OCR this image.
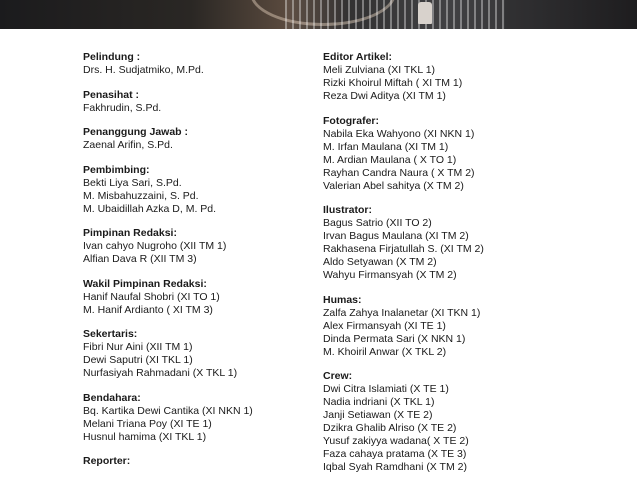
Pelindung :
Drs. H. Sudjatmiko, M.Pd.
Penasihat :
Fakhrudin, S.Pd.
Penanggung Jawab :
Zaenal Arifin, S.Pd.
Pembimbing:
Bekti Liya Sari, S.Pd.
M. Misbahuzzaini, S. Pd.
M. Ubaidillah Azka D, M. Pd.
Pimpinan Redaksi:
Ivan cahyo Nugroho (XII TM 1)
Alfian Dava R (XII TM 3)
Wakil Pimpinan Redaksi:
Hanif Naufal Shobri (XI TO 1)
M. Hanif Ardianto ( XI TM 3)
Sekertaris:
Fibri Nur Aini (XII TM 1)
Dewi Saputri (XI TKL 1)
Nurfasiyah Rahmadani (X TKL 1)
Bendahara:
Bq. Kartika Dewi Cantika (XI NKN 1)
Melani Triana Poy (XI TE 1)
Husnul hamima (XI TKL 1)
Reporter:
Editor Artikel:
Meli Zulviana (XI TKL 1)
Rizki Khoirul Miftah ( XI TM 1)
Reza Dwi Aditya (XI TM 1)
Fotografer:
Nabila Eka Wahyono (XI NKN 1)
M. Irfan Maulana (XI TM 1)
M. Ardian Maulana ( X TO 1)
Rayhan Candra Naura ( X TM 2)
Valerian Abel sahitya (X TM 2)
Ilustrator:
Bagus Satrio (XII TO 2)
Irvan Bagus Maulana (XI TM 2)
Rakhasena Firjatullah S. (XI TM 2)
Aldo Setyawan (X TM 2)
Wahyu Firmansyah (X TM 2)
Humas:
Zalfa Zahya Inalanetar (XI TKN 1)
Alex Firmansyah (XI TE 1)
Dinda Permata Sari (X NKN 1)
M. Khoiril Anwar (X TKL 2)
Crew:
Dwi Citra Islamiati (X TE 1)
Nadia indriani (X TKL 1)
Janji Setiawan (X TE 2)
Dzikra Ghalib Alriso (X TE 2)
Yusuf zakiyya wadana( X TE 2)
Faza cahaya pratama (X TE 3)
Iqbal Syah Ramdhani (X TM 2)
